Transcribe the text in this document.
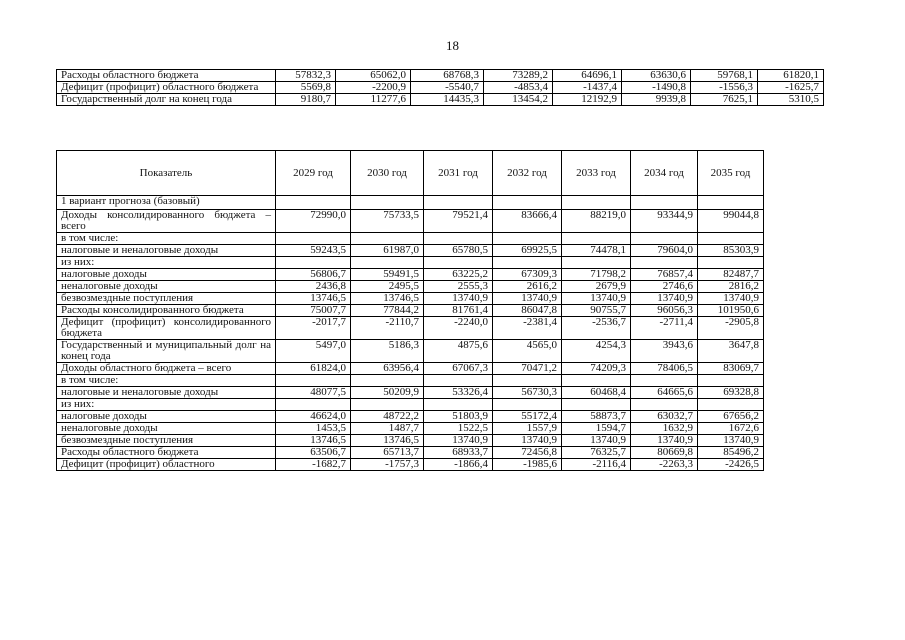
18
Расходы областного бюджета	57832,3	65062,0	68768,3	73289,2	64696,1	63630,6	59768,1	61820,1
Дефицит (профицит) областного бюджета	5569,8	-2200,9	-5540,7	-4853,4	-1437,4	-1490,8	-1556,3	-1625,7
Государственный долг на конец года	9180,7	11277,6	14435,3	13454,2	12192,9	9939,8	7625,1	5310,5
Показатель	2029 год	2030 год	2031 год	2032 год	2033 год	2034 год	2035 год
1 вариант прогноза (базовый)							
Доходы консолидированного бюджета – всего	72990,0	75733,5	79521,4	83666,4	88219,0	93344,9	99044,8
в том числе:							
налоговые и неналоговые доходы	59243,5	61987,0	65780,5	69925,5	74478,1	79604,0	85303,9
из них:							
налоговые доходы	56806,7	59491,5	63225,2	67309,3	71798,2	76857,4	82487,7
неналоговые доходы	2436,8	2495,5	2555,3	2616,2	2679,9	2746,6	2816,2
безвозмездные поступления	13746,5	13746,5	13740,9	13740,9	13740,9	13740,9	13740,9
Расходы консолидированного бюджета	75007,7	77844,2	81761,4	86047,8	90755,7	96056,3	101950,6
Дефицит (профицит) консолидированного бюджета	-2017,7	-2110,7	-2240,0	-2381,4	-2536,7	-2711,4	-2905,8
Государственный и муниципальный долг на конец года	5497,0	5186,3	4875,6	4565,0	4254,3	3943,6	3647,8
Доходы областного бюджета – всего	61824,0	63956,4	67067,3	70471,2	74209,3	78406,5	83069,7
в том числе:							
налоговые и неналоговые доходы	48077,5	50209,9	53326,4	56730,3	60468,4	64665,6	69328,8
из них:							
налоговые доходы	46624,0	48722,2	51803,9	55172,4	58873,7	63032,7	67656,2
неналоговые доходы	1453,5	1487,7	1522,5	1557,9	1594,7	1632,9	1672,6
безвозмездные поступления	13746,5	13746,5	13740,9	13740,9	13740,9	13740,9	13740,9
Расходы областного бюджета	63506,7	65713,7	68933,7	72456,8	76325,7	80669,8	85496,2
Дефицит (профицит) областного	-1682,7	-1757,3	-1866,4	-1985,6	-2116,4	-2263,3	-2426,5
